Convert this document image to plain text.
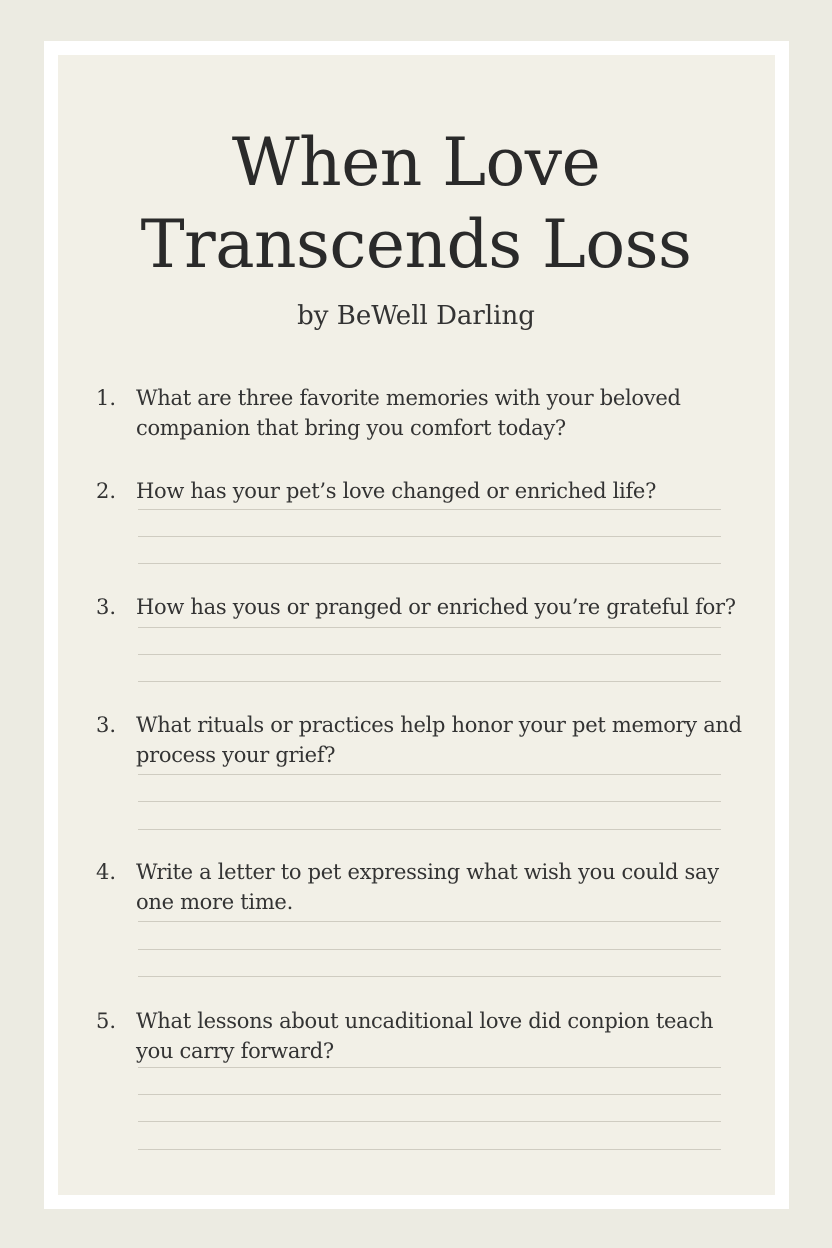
When Love
Transcends Loss
by BeWell Darling
1. What are three favorite memories with your beloved companion that bring you comfort today?
2. How has your pet’s love changed or enriched life?
3. How has yous or pranged or enriched you’re grateful for?
3. What rituals or practices help honor your pet memory and process your grief?
4. Write a letter to pet expressing what wish you could say one more time.
5. What lessons about uncaditional love did conpion teach you carry forward?
